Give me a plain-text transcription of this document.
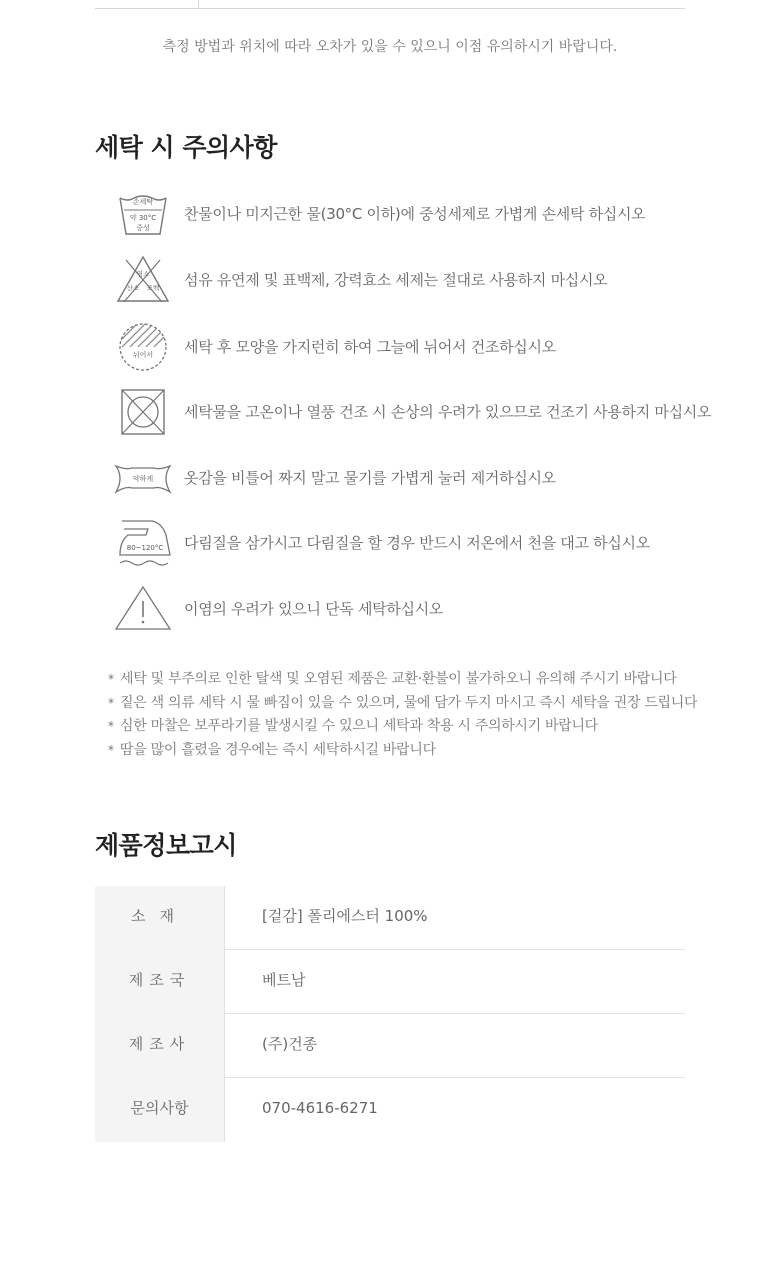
측정 방법과 위치에 따라 오차가 있을 수 있으니 이점 유의하시기 바랍니다.
세탁 시 주의사항
손세탁
약 30°C
중성
찬물이나 미지근한 물(30°C 이하)에 중성세제로 가볍게 손세탁 하십시오
염소
산소 표백 섬유 유연제 및 표백제, 강력효소 세제는 절대로 사용하지 마십시오
뉘어서 세탁 후 모양을 가지런히 하여 그늘에 뉘어서 건조하십시오
세탁물을 고온이나 열풍 건조 시 손상의 우려가 있으므로 건조기 사용하지 마십시오
약하게 옷감을 비틀어 짜지 말고 물기를 가볍게 눌러 제거하십시오
80~120°C 다림질을 삼가시고 다림질을 할 경우 반드시 저온에서 천을 대고 하십시오
이염의 우려가 있으니 단독 세탁하십시오
* 세탁 및 부주의로 인한 탈색 및 오염된 제품은 교환·환불이 불가하오니 유의해 주시기 바랍니다
* 짙은 색 의류 세탁 시 물 빠짐이 있을 수 있으며, 물에 담가 두지 마시고 즉시 세탁을 권장 드립니다
* 심한 마찰은 보푸라기를 발생시킬 수 있으니 세탁과 착용 시 주의하시기 바랍니다
* 땀을 많이 흘렸을 경우에는 즉시 세탁하시길 바랍니다
제품정보고시
소재	[겉감] 폴리에스터 100%
제조국	베트남
제조사	(주)건종
문의사항	070-4616-6271
